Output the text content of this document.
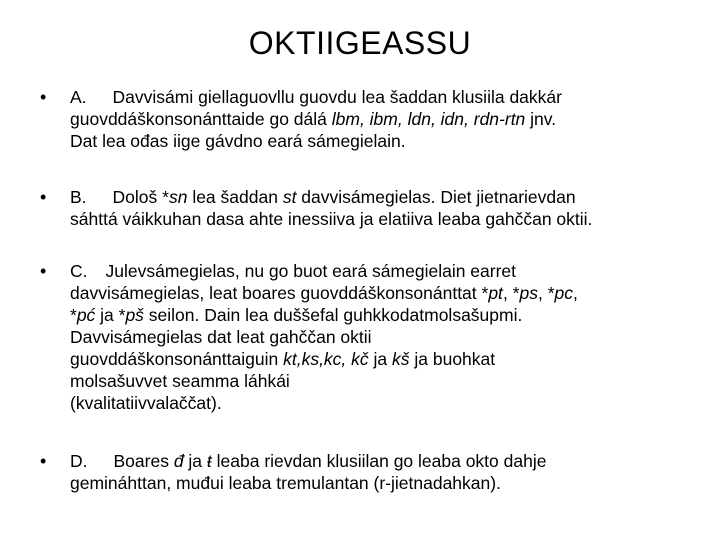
OKTIIGEASSU
• A. Davvisámi giellaguovllu guovdu lea šaddan klusiila dakkár
guovddáškonsonánttaide go dálá lbm, ibm, ldn, idn, rdn-rtn jnv.
Dat lea ođas iige gávdno eará sámegielain.
• B. Dološ *sn lea šaddan st davvisámegielas. Diet jietnarievdan
sáhttá váikkuhan dasa ahte inessiiva ja elatiiva leaba gahččan oktii.
• C. Julevsámegielas, nu go buot eará sámegielain earret
davvisámegielas, leat boares guovddáškonsonánttat *pt, *ps, *pc,
*pć ja *pš seilon. Dain lea duššefal guhkkodatmolsašupmi.
Davvisámegielas dat leat gahččan oktii
guovddáškonsonánttaiguin kt,ks,kc, kč ja kš ja buohkat
molsašuvvet seamma láhkái
(kvalitatiivvalaččat).
• D. Boares đ ja ŧ leaba rievdan klusiilan go leaba okto dahje
gemináhttan, muđui leaba tremulantan (r-jietnadahkan).
